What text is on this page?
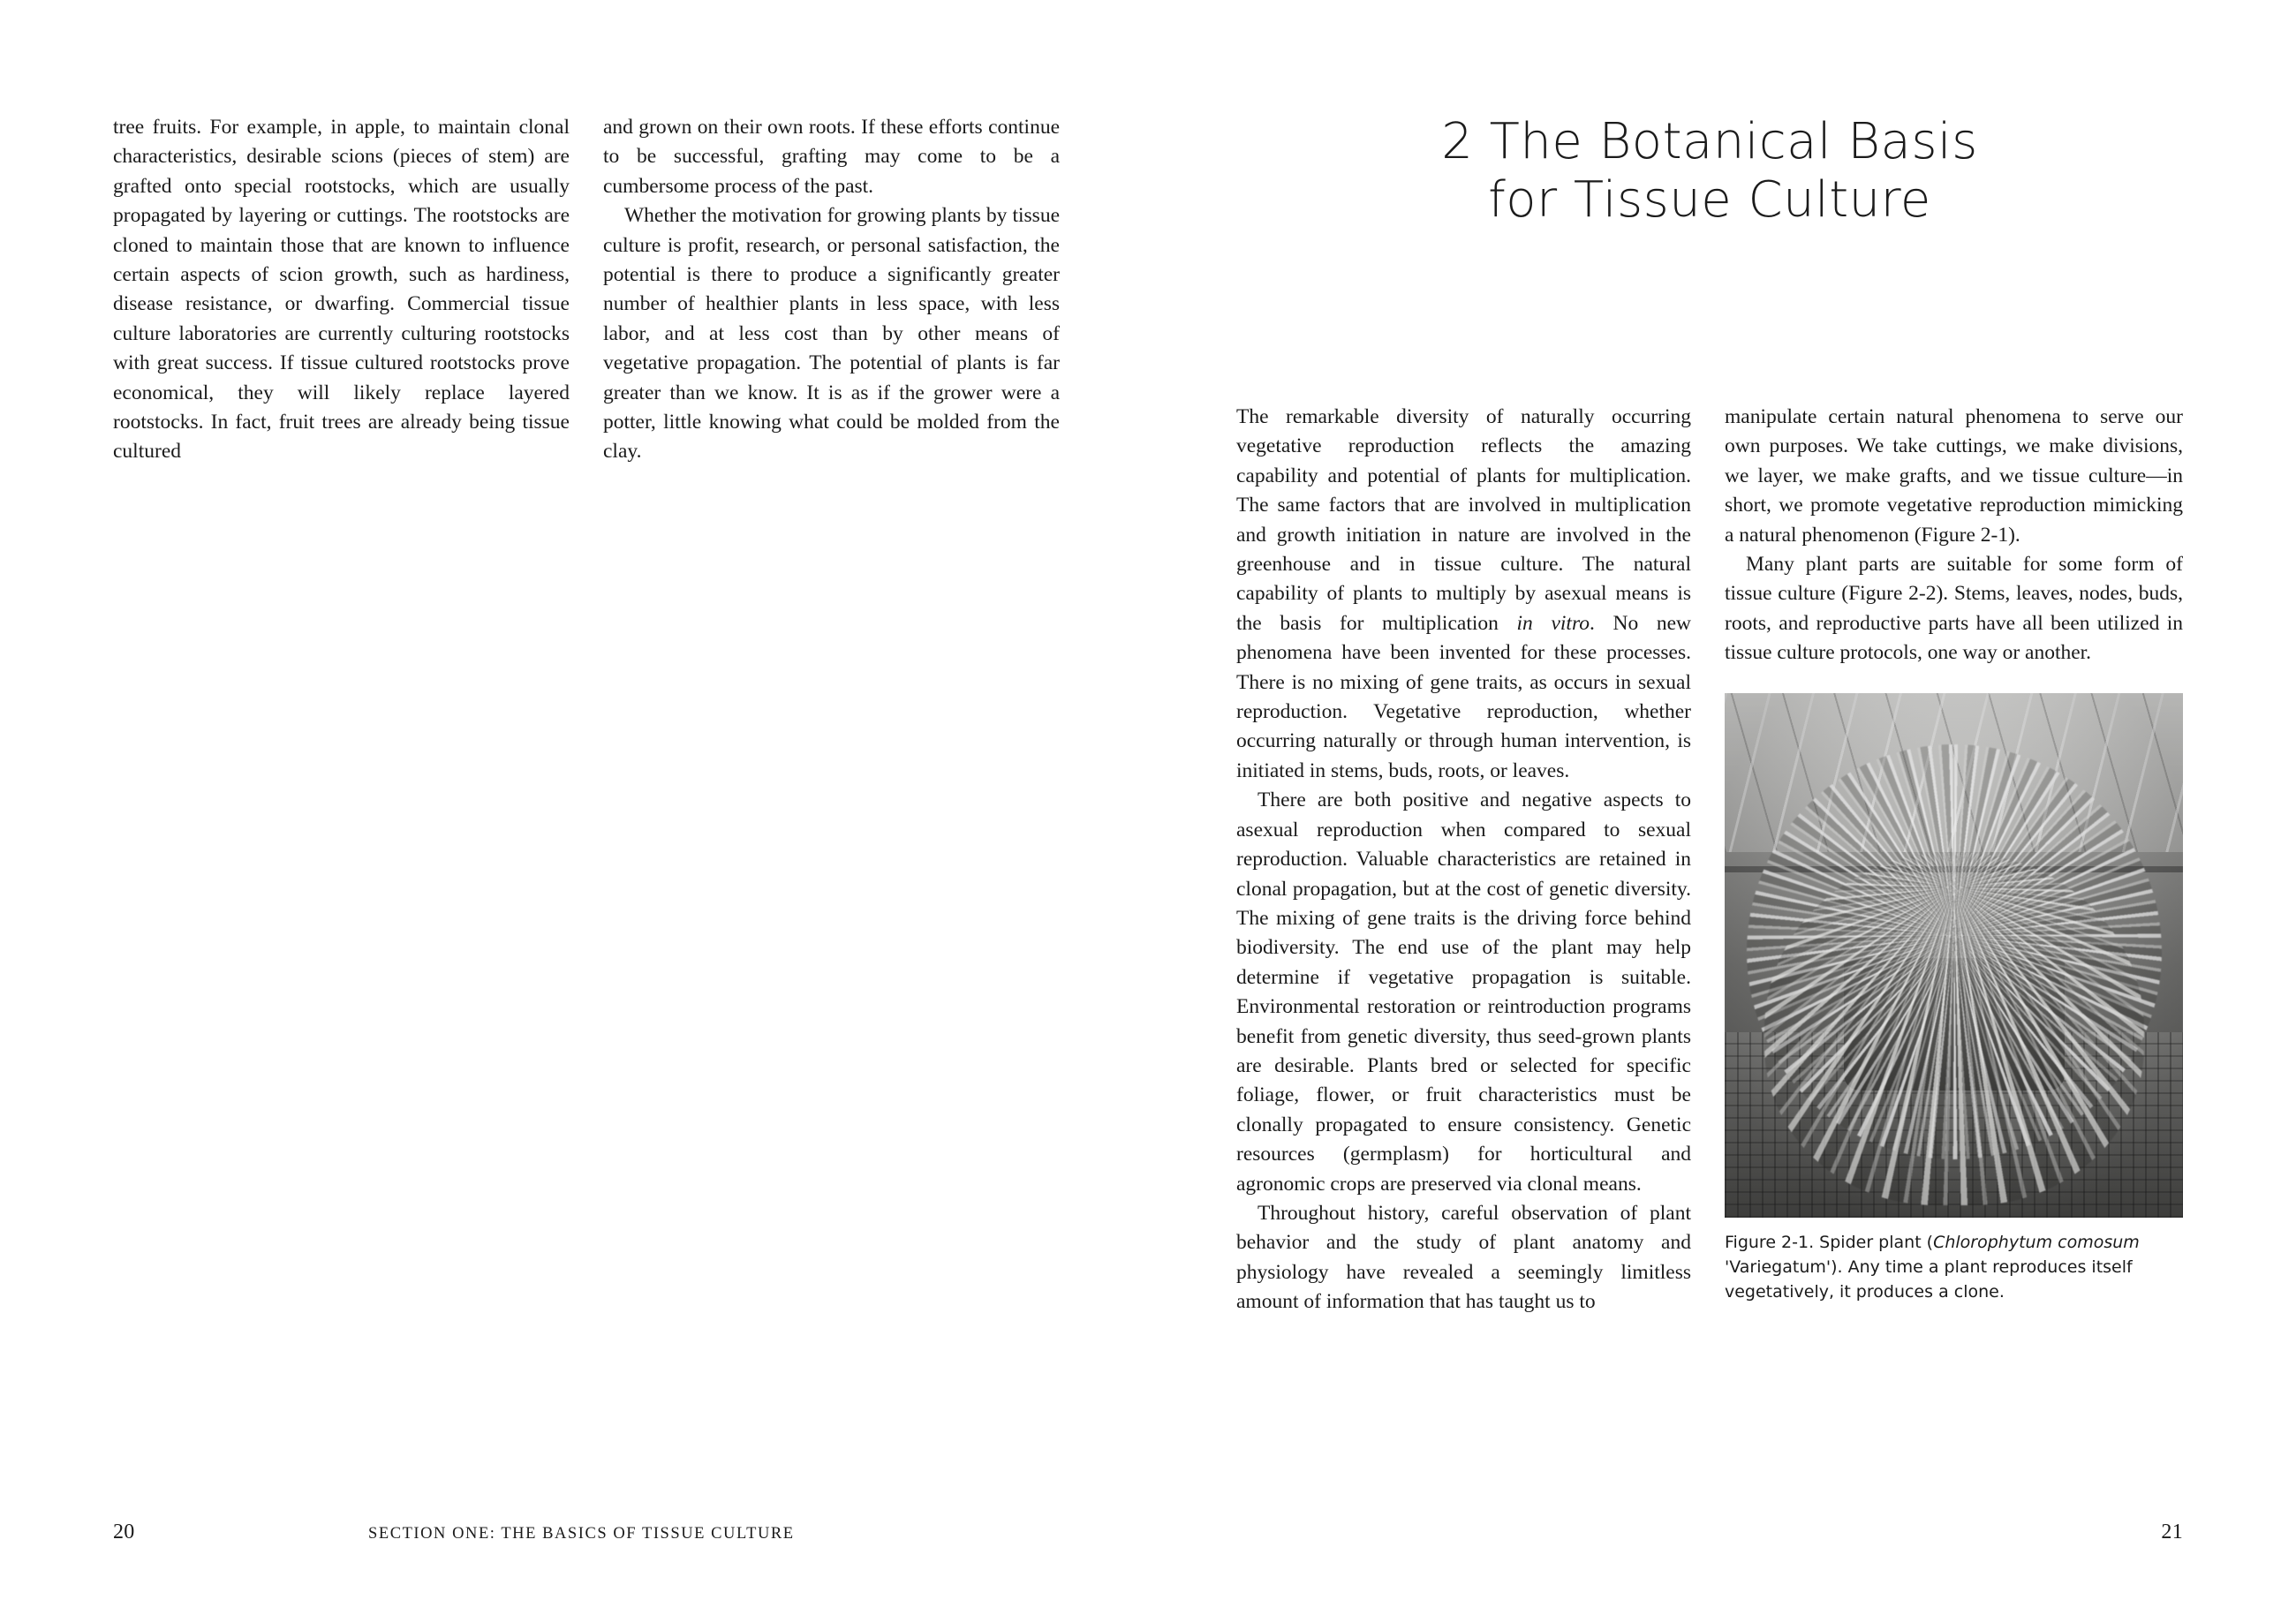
tree fruits. For example, in apple, to maintain clonal characteristics, desirable scions (pieces of stem) are grafted onto special rootstocks, which are usually propagated by layering or cuttings. The rootstocks are cloned to maintain those that are known to influence certain aspects of scion growth, such as hardiness, disease resistance, or dwarfing. Commercial tissue culture laboratories are currently culturing rootstocks with great success. If tissue cultured rootstocks prove economical, they will likely replace layered rootstocks. In fact, fruit trees are already being tissue cultured

and grown on their own roots. If these efforts continue to be successful, grafting may come to be a cumbersome process of the past.

Whether the motivation for growing plants by tissue culture is profit, research, or personal satisfaction, the potential is there to produce a significantly greater number of healthier plants in less space, with less labor, and at less cost than by other means of vegetative propagation. The potential of plants is far greater than we know. It is as if the grower were a potter, little knowing what could be molded from the clay.

20	SECTION ONE: THE BASICS OF TISSUE CULTURE
2 The Botanical Basis
for Tissue Culture

The remarkable diversity of naturally occurring vegetative reproduction reflects the amazing capability and potential of plants for multiplication. The same factors that are involved in multiplication and growth initiation in nature are involved in the greenhouse and in tissue culture. The natural capability of plants to multiply by asexual means is the basis for multiplication in vitro. No new phenomena have been invented for these processes. There is no mixing of gene traits, as occurs in sexual reproduction. Vegetative reproduction, whether occurring naturally or through human intervention, is initiated in stems, buds, roots, or leaves.

There are both positive and negative aspects to asexual reproduction when compared to sexual reproduction. Valuable characteristics are retained in clonal propagation, but at the cost of genetic diversity. The mixing of gene traits is the driving force behind biodiversity. The end use of the plant may help determine if vegetative propagation is suitable. Environmental restoration or reintroduction programs benefit from genetic diversity, thus seed-grown plants are desirable. Plants bred or selected for specific foliage, flower, or fruit characteristics must be clonally propagated to ensure consistency. Genetic resources (germplasm) for horticultural and agronomic crops are preserved via clonal means.

Throughout history, careful observation of plant behavior and the study of plant anatomy and physiology have revealed a seemingly limitless amount of information that has taught us to

manipulate certain natural phenomena to serve our own purposes. We take cuttings, we make divisions, we layer, we make grafts, and we tissue culture—in short, we promote vegetative reproduction mimicking a natural phenomenon (Figure 2-1).

Many plant parts are suitable for some form of tissue culture (Figure 2-2). Stems, leaves, nodes, buds, roots, and reproductive parts have all been utilized in tissue culture protocols, one way or another.

Figure 2-1. Spider plant (Chlorophytum comosum 'Variegatum'). Any time a plant reproduces itself vegetatively, it produces a clone.

21
